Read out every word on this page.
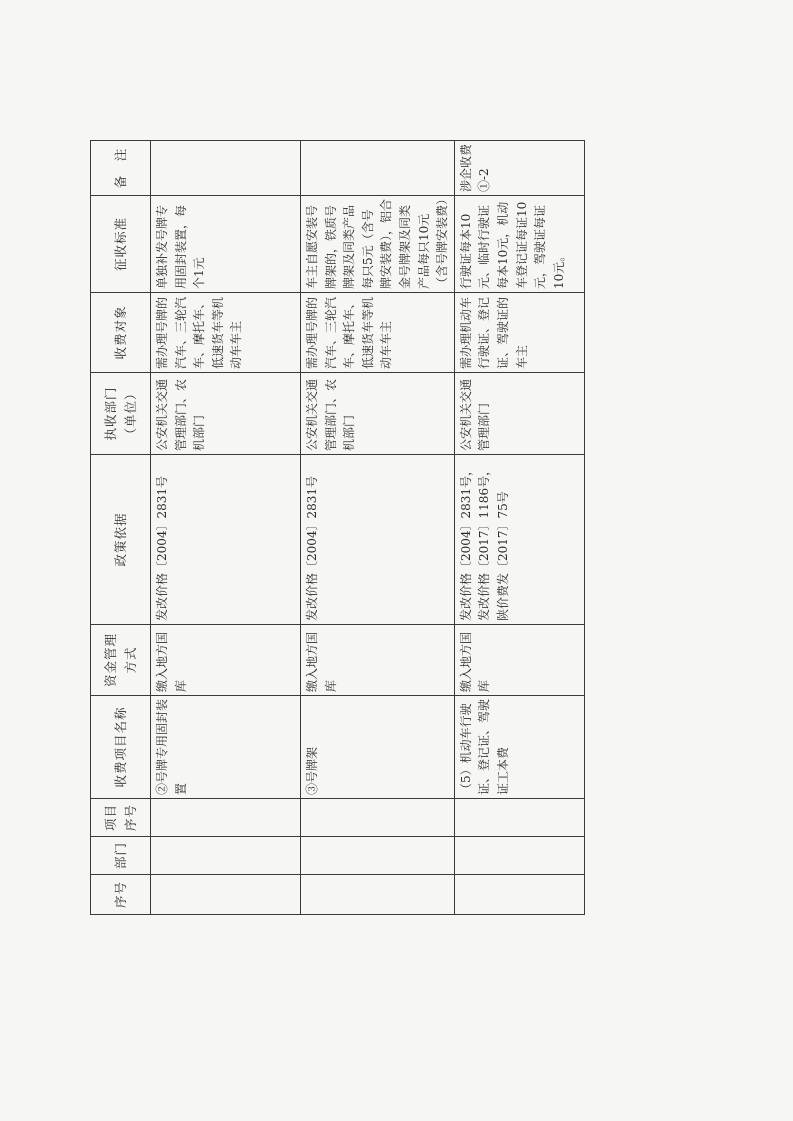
序号	部门	项目序号	收费项目名称	资金管理方式	政策依据	执收部门（单位）	收费对象	征收标准	备　注
			②号牌专用固封装置	缴入地方国库	发改价格〔2004〕2831号	公安机关交通管理部门、农机部门	需办理号牌的汽车、三轮汽车、摩托车、低速货车等机动车车主	单独补发号牌专用固封装置，每个1元	
			③号牌架	缴入地方国库	发改价格〔2004〕2831号	公安机关交通管理部门、农机部门	需办理号牌的汽车、三轮汽车、摩托车、低速货车等机动车车主	车主自愿安装号牌架的，铁质号牌架及同类产品每只5元（含号牌安装费），铝合金号牌架及同类产品每只10元（含号牌安装费）	
			（5）机动车行驶证、登记证、驾驶证工本费	缴入地方国库	发改价格〔2004〕2831号，发改价格〔2017〕1186号，陕价费发〔2017〕75号	公安机关交通管理部门	需办理机动车行驶证、登记证、驾驶证的车主	行驶证每本10元、临时行驶证每本10元，机动车登记证每证10元，驾驶证每证10元。	涉企收费①-2
